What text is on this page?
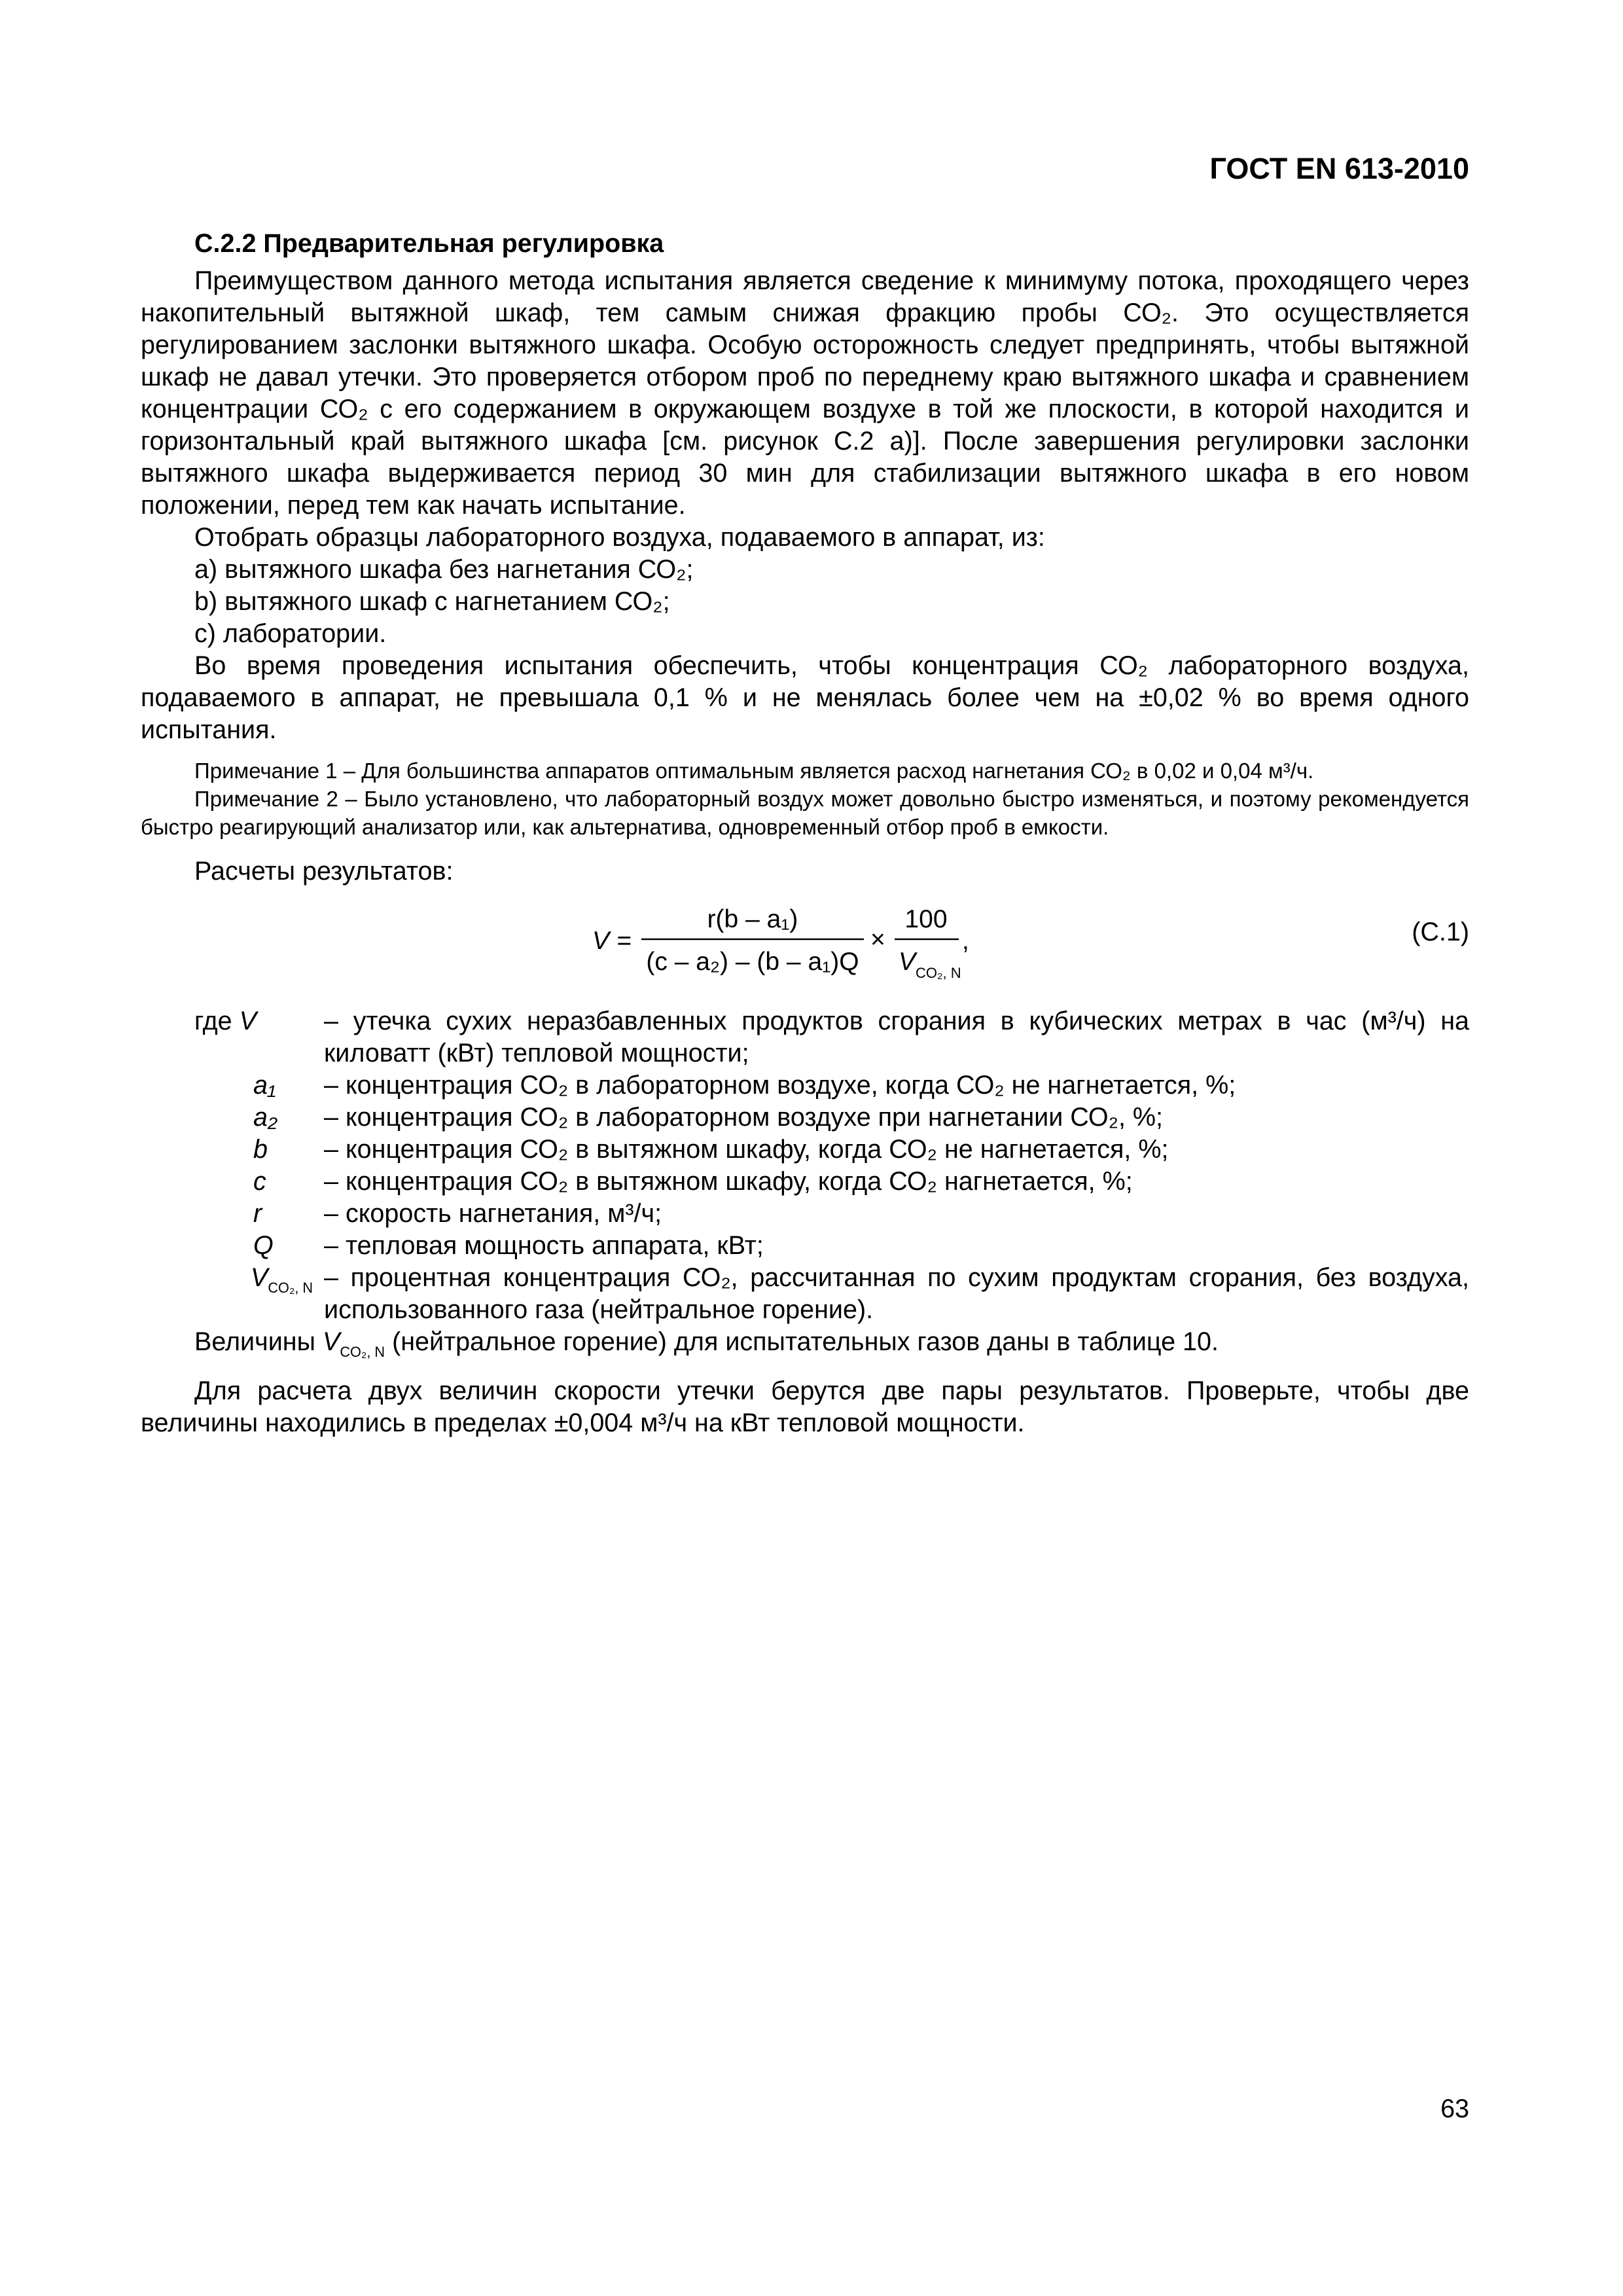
ГОСТ EN 613-2010
С.2.2 Предварительная регулировка

Преимуществом данного метода испытания является сведение к минимуму потока, проходящего через накопительный вытяжной шкаф, тем самым снижая фракцию пробы СО₂. Это осуществляется регулированием заслонки вытяжного шкафа. Особую осторожность следует предпринять, чтобы вытяжной шкаф не давал утечки. Это проверяется отбором проб по переднему краю вытяжного шкафа и сравнением концентрации СО₂ с его содержанием в окружающем воздухе в той же плоскости, в которой находится и горизонтальный край вытяжного шкафа [см. рисунок С.2 а)]. После завершения регулировки заслонки вытяжного шкафа выдерживается период 30 мин для стабилизации вытяжного шкафа в его новом положении, перед тем как начать испытание.

Отобрать образцы лабораторного воздуха, подаваемого в аппарат, из:

а) вытяжного шкафа без нагнетания СО₂;
b) вытяжного шкаф с нагнетанием СО₂;
с) лаборатории.

Во время проведения испытания обеспечить, чтобы концентрация СО₂ лабораторного воздуха, подаваемого в аппарат, не превышала 0,1 % и не менялась более чем на ±0,02 % во время одного испытания.

Примечание 1 – Для большинства аппаратов оптимальным является расход нагнетания СО₂ в 0,02 и 0,04 м³/ч.

Примечание 2 – Было установлено, что лабораторный воздух может довольно быстро изменяться, и поэтому рекомендуется быстро реагирующий анализатор или, как альтернатива, одновременный отбор проб в емкости.

Расчеты результатов:
V =
r(b – a₁)
(c – a₂) – (b – a₁)Q
×
100
V CO₂, N
,	(С.1)
где V	– утечка сухих неразбавленных продуктов сгорания в кубических метрах в час (м³/ч) на киловатт (кВт) тепловой мощности;
a₁	– концентрация СО₂ в лабораторном воздухе, когда СО₂ не нагнетается, %;
a₂	– концентрация СО₂ в лабораторном воздухе при нагнетании СО₂, %;
b	– концентрация СО₂ в вытяжном шкафу, когда СО₂ не нагнетается, %;
c	– концентрация СО₂ в вытяжном шкафу, когда СО₂ нагнетается, %;
r	– скорость нагнетания, м³/ч;
Q	– тепловая мощность аппарата, кВт;
$V_{CO_2, N}$ – процентная концентрация СО₂, рассчитанная по сухим продуктам сгорания, без воздуха, использованного газа (нейтральное горение).

Величины $V_{CO_2, N}$ (нейтральное горение) для испытательных газов даны в таблице 10.

Для расчета двух величин скорости утечки берутся две пары результатов. Проверьте, чтобы две величины находились в пределах ±0,004 м³/ч на кВт тепловой мощности.

63
